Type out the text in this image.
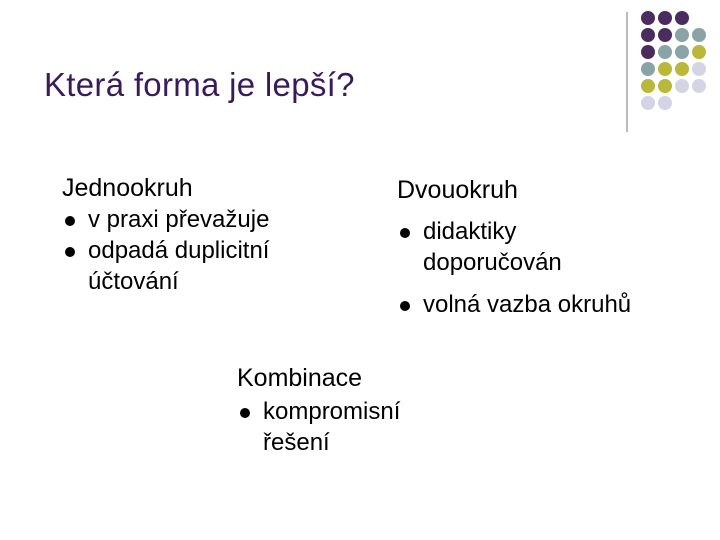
Která forma je lepší?
Jednookruh
v praxi převažuje
odpadá duplicitní účtování
Dvouokruh
didaktiky doporučován
volná vazba okruhů
Kombinace
kompromisní řešení
